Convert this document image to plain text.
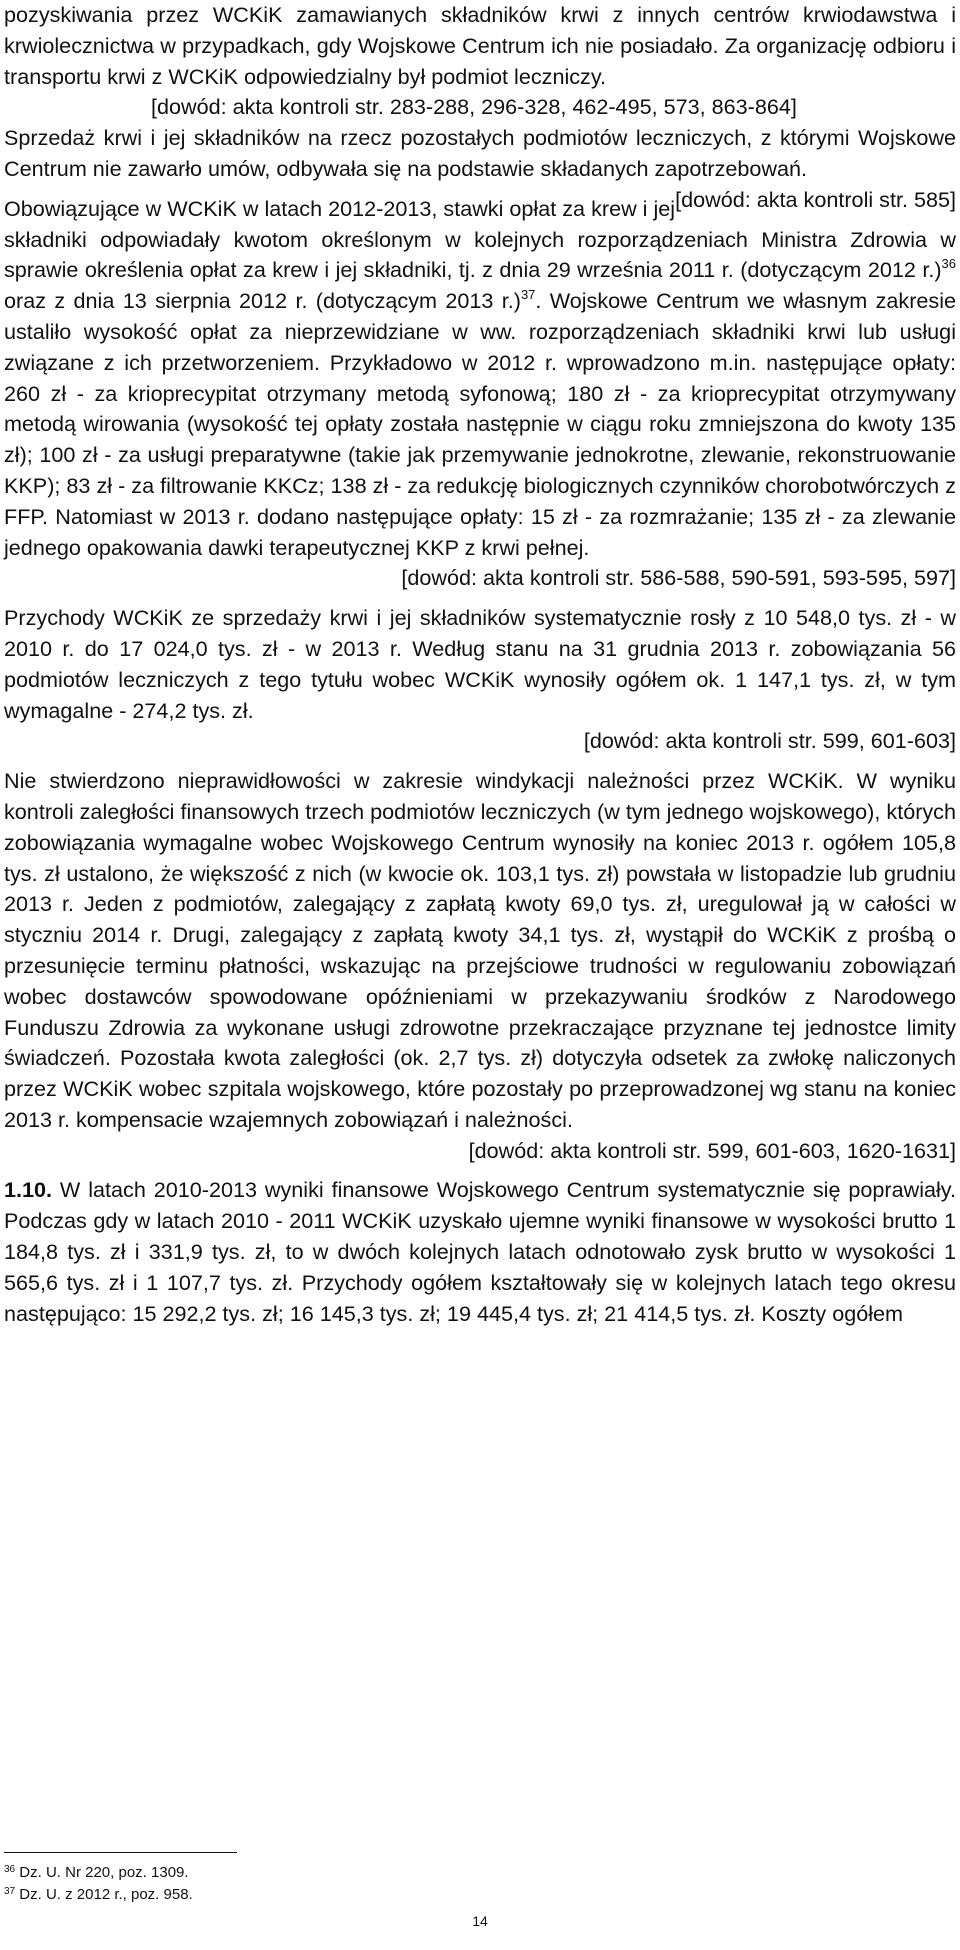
pozyskiwania przez WCKiK zamawianych składników krwi z innych centrów krwiodawstwa i krwiolecznictwa w przypadkach, gdy Wojskowe Centrum ich nie posiadało. Za organizację odbioru i transportu krwi z WCKiK odpowiedzialny był podmiot leczniczy.

[dowód: akta kontroli str. 283-288, 296-328, 462-495, 573, 863-864]

Sprzedaż krwi i jej składników na rzecz pozostałych podmiotów leczniczych, z którymi Wojskowe Centrum nie zawarło umów, odbywała się na podstawie składanych zapotrzebowań.
[dowód: akta kontroli str. 585]

Obowiązujące w WCKiK w latach 2012-2013, stawki opłat za krew i jej składniki odpowiadały kwotom określonym w kolejnych rozporządzeniach Ministra Zdrowia w sprawie określenia opłat za krew i jej składniki, tj. z dnia 29 września 2011 r. (dotyczącym 2012 r.)$^{36}$ oraz z dnia 13 sierpnia 2012 r. (dotyczącym 2013 r.)$^{37}$. Wojskowe Centrum we własnym zakresie ustaliło wysokość opłat za nieprzewidziane w ww. rozporządzeniach składniki krwi lub usługi związane z ich przetworzeniem. Przykładowo w 2012 r. wprowadzono m.in. następujące opłaty: 260 zł - za krioprecypitat otrzymany metodą syfonową; 180 zł - za krioprecypitat otrzymywany metodą wirowania (wysokość tej opłaty została następnie w ciągu roku zmniejszona do kwoty 135 zł); 100 zł - za usługi preparatywne (takie jak przemywanie jednokrotne, zlewanie, rekonstruowanie KKP); 83 zł - za filtrowanie KKCz; 138 zł - za redukcję biologicznych czynników chorobotwórczych z FFP. Natomiast w 2013 r. dodano następujące opłaty: 15 zł - za rozmrażanie; 135 zł - za zlewanie jednego opakowania dawki terapeutycznej KKP z krwi pełnej.

[dowód: akta kontroli str. 586-588, 590-591, 593-595, 597]

Przychody WCKiK ze sprzedaży krwi i jej składników systematycznie rosły z 10 548,0 tys. zł - w 2010 r. do 17 024,0 tys. zł - w 2013 r. Według stanu na 31 grudnia 2013 r. zobowiązania 56 podmiotów leczniczych z tego tytułu wobec WCKiK wynosiły ogółem ok. 1 147,1 tys. zł, w tym wymagalne - 274,2 tys. zł.

[dowód: akta kontroli str. 599, 601-603]

Nie stwierdzono nieprawidłowości w zakresie windykacji należności przez WCKiK. W wyniku kontroli zaległości finansowych trzech podmiotów leczniczych (w tym jednego wojskowego), których zobowiązania wymagalne wobec Wojskowego Centrum wynosiły na koniec 2013 r. ogółem 105,8 tys. zł ustalono, że większość z nich (w kwocie ok. 103,1 tys. zł) powstała w listopadzie lub grudniu 2013 r. Jeden z podmiotów, zalegający z zapłatą kwoty 69,0 tys. zł, uregulował ją w całości w styczniu 2014 r. Drugi, zalegający z zapłatą kwoty 34,1 tys. zł, wystąpił do WCKiK z prośbą o przesunięcie terminu płatności, wskazując na przejściowe trudności w regulowaniu zobowiązań wobec dostawców spowodowane opóźnieniami w przekazywaniu środków z Narodowego Funduszu Zdrowia za wykonane usługi zdrowotne przekraczające przyznane tej jednostce limity świadczeń. Pozostała kwota zaległości (ok. 2,7 tys. zł) dotyczyła odsetek za zwłokę naliczonych przez WCKiK wobec szpitala wojskowego, które pozostały po przeprowadzonej wg stanu na koniec 2013 r. kompensacie wzajemnych zobowiązań i należności.

[dowód: akta kontroli str. 599, 601-603, 1620-1631]

1.10. W latach 2010-2013 wyniki finansowe Wojskowego Centrum systematycznie się poprawiały. Podczas gdy w latach 2010 - 2011 WCKiK uzyskało ujemne wyniki finansowe w wysokości brutto 1 184,8 tys. zł i 331,9 tys. zł, to w dwóch kolejnych latach odnotowało zysk brutto w wysokości 1 565,6 tys. zł i 1 107,7 tys. zł. Przychody ogółem kształtowały się w kolejnych latach tego okresu następująco: 15 292,2 tys. zł; 16 145,3 tys. zł; 19 445,4 tys. zł; 21 414,5 tys. zł. Koszty ogółem

$^{36}$ Dz. U. Nr 220, poz. 1309.
$^{37}$ Dz. U. z 2012 r., poz. 958.
14
